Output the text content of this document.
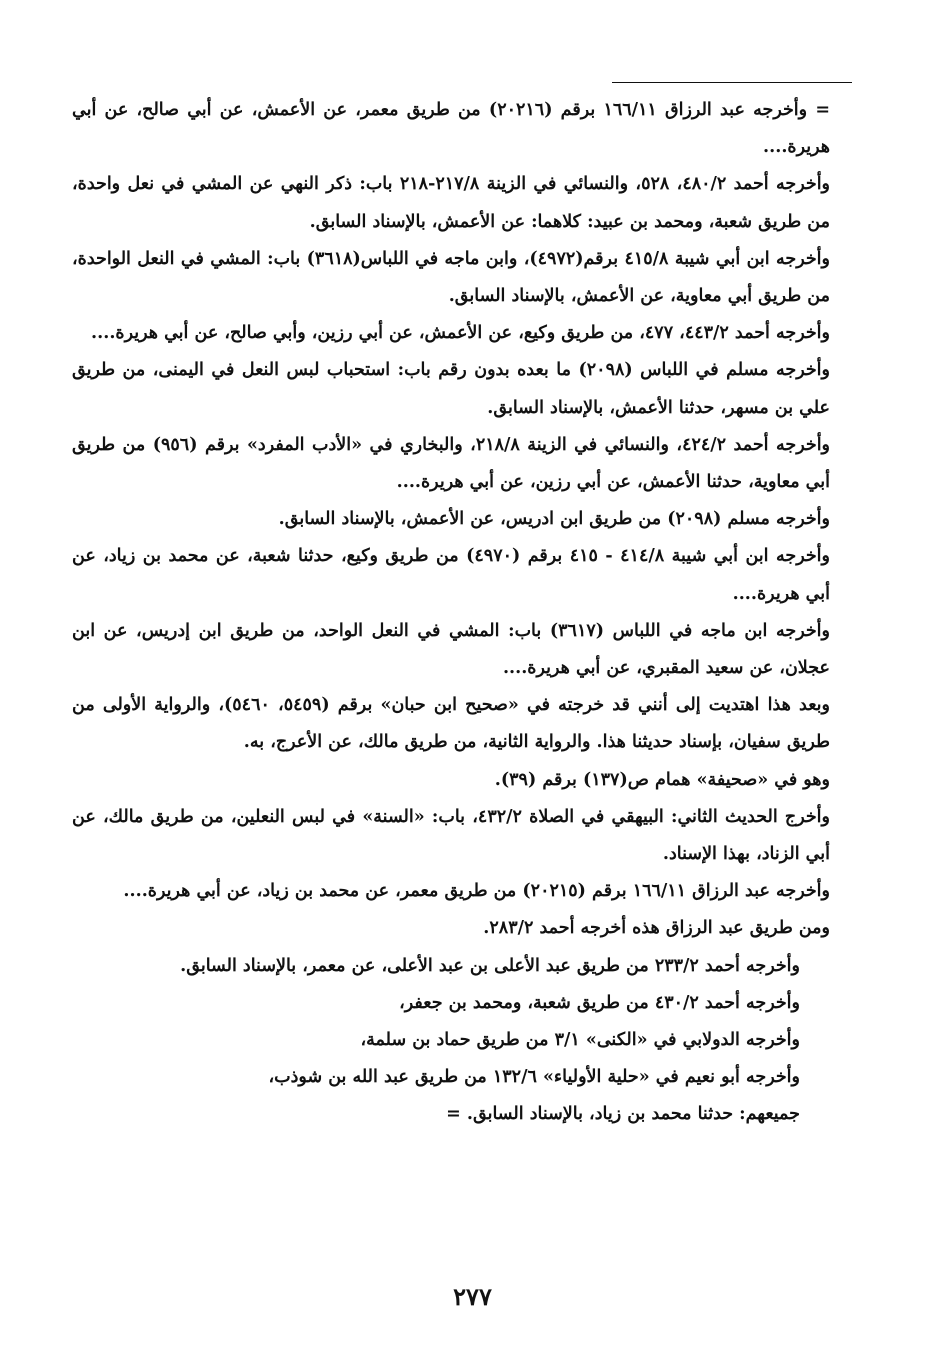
= وأخرجه عبد الرزاق ١٦٦/١١ برقم (٢٠٢١٦) من طريق معمر، عن الأعمش، عن أبي صالح، عن أبي هريرة....

وأخرجه أحمد ٤٨٠/٢، ٥٢٨، والنسائي في الزينة ٢١٧/٨-٢١٨ باب: ذكر النهي عن المشي في نعل واحدة، من طريق شعبة، ومحمد بن عبيد: كلاهما: عن الأعمش، بالإسناد السابق.

وأخرجه ابن أبي شيبة ٤١٥/٨ برقم(٤٩٧٢)، وابن ماجه في اللباس(٣٦١٨) باب: المشي في النعل الواحدة، من طريق أبي معاوية، عن الأعمش، بالإسناد السابق.

وأخرجه أحمد ٤٤٣/٢، ٤٧٧، من طريق وكيع، عن الأعمش، عن أبي رزين، وأبي صالح، عن أبي هريرة....

وأخرجه مسلم في اللباس (٢٠٩٨) ما بعده بدون رقم باب: استحباب لبس النعل في اليمنى، من طريق علي بن مسهر، حدثنا الأعمش، بالإسناد السابق.

وأخرجه أحمد ٤٢٤/٢، والنسائي في الزينة ٢١٨/٨، والبخاري في «الأدب المفرد» برقم (٩٥٦) من طريق أبي معاوية، حدثنا الأعمش، عن أبي رزين، عن أبي هريرة....

وأخرجه مسلم (٢٠٩٨) من طريق ابن ادريس، عن الأعمش، بالإسناد السابق.

وأخرجه ابن أبي شيبة ٤١٤/٨ - ٤١٥ برقم (٤٩٧٠) من طريق وكيع، حدثنا شعبة، عن محمد بن زياد، عن أبي هريرة....

وأخرجه ابن ماجه في اللباس (٣٦١٧) باب: المشي في النعل الواحد، من طريق ابن إدريس، عن ابن عجلان، عن سعيد المقبري، عن أبي هريرة....

وبعد هذا اهتديت إلى أنني قد خرجته في «صحيح ابن حبان» برقم (٥٤٥٩، ٥٤٦٠)، والرواية الأولى من طريق سفيان، بإسناد حديثنا هذا. والرواية الثانية، من طريق مالك، عن الأعرج، به.

وهو في «صحيفة» همام ص(١٣٧) برقم (٣٩).

وأخرج الحديث الثاني: البيهقي في الصلاة ٤٣٢/٢، باب: «السنة» في لبس النعلين، من طريق مالك، عن أبي الزناد، بهذا الإسناد.

وأخرجه عبد الرزاق ١٦٦/١١ برقم (٢٠٢١٥) من طريق معمر، عن محمد بن زياد، عن أبي هريرة....

ومن طريق عبد الرزاق هذه أخرجه أحمد ٢٨٣/٢.

وأخرجه أحمد ٢٣٣/٢ من طريق عبد الأعلى بن عبد الأعلى، عن معمر، بالإسناد السابق.

وأخرجه أحمد ٤٣٠/٢ من طريق شعبة، ومحمد بن جعفر،

وأخرجه الدولابي في «الكنى» ٣/١ من طريق حماد بن سلمة،

وأخرجه أبو نعيم في «حلية الأولياء» ١٣٢/٦ من طريق عبد الله بن شوذب،

جميعهم: حدثنا محمد بن زياد، بالإسناد السابق. =

٢٧٧
